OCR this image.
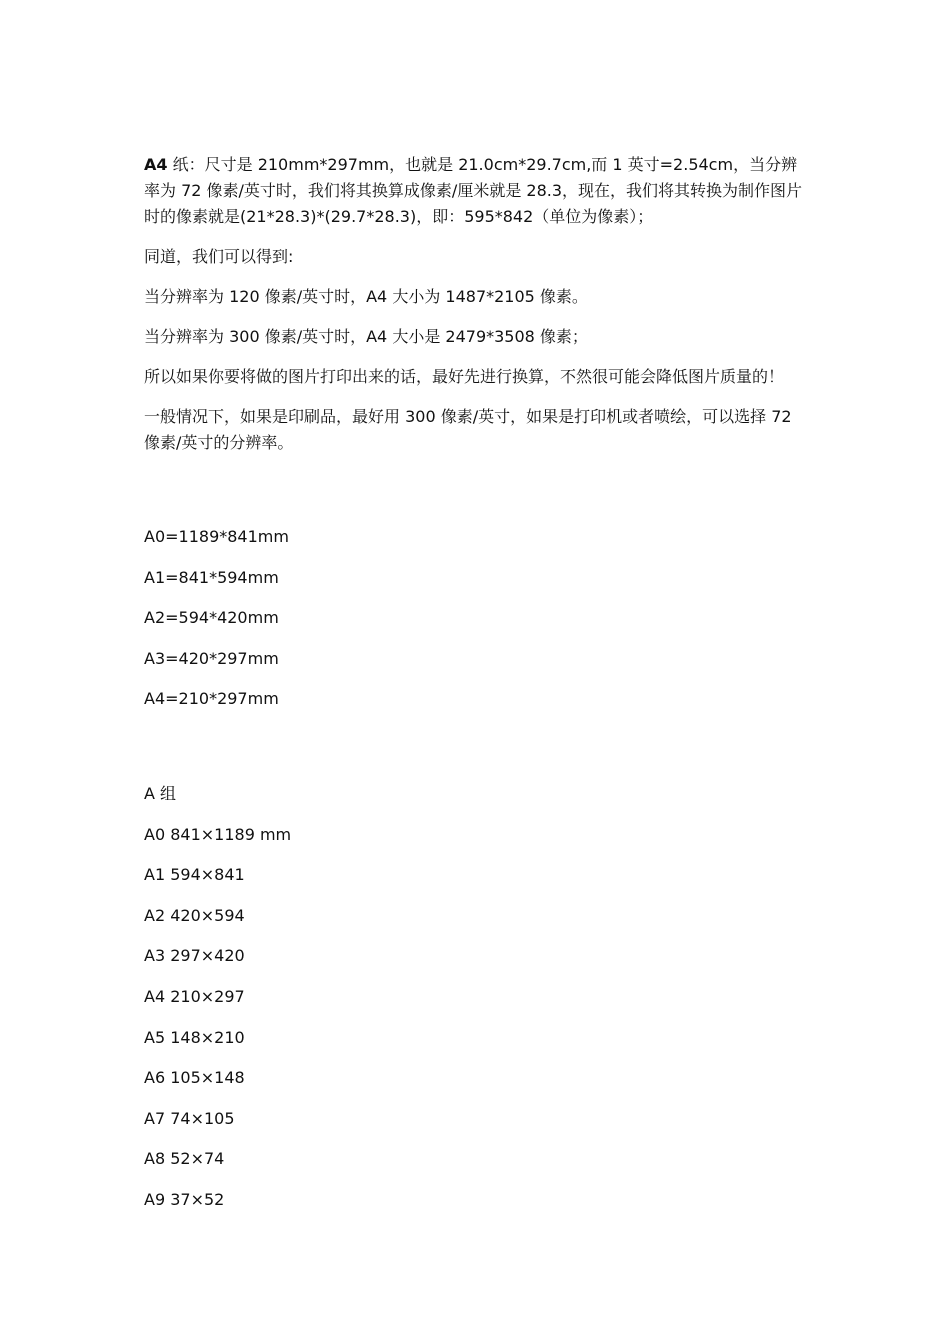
A4 纸：尺寸是 210mm*297mm，也就是 21.0cm*29.7cm,而 1 英寸=2.54cm，当分辨率为 72 像素/英寸时，我们将其换算成像素/厘米就是 28.3，现在，我们将其转换为制作图片时的像素就是(21*28.3)*(29.7*28.3)，即：595*842（单位为像素）；

同道，我们可以得到:

当分辨率为 120 像素/英寸时，A4 大小为 1487*2105 像素。

当分辨率为 300 像素/英寸时，A4 大小是 2479*3508 像素；

所以如果你要将做的图片打印出来的话，最好先进行换算，不然很可能会降低图片质量的！

一般情况下，如果是印刷品，最好用 300 像素/英寸，如果是打印机或者喷绘，可以选择 72 像素/英寸的分辨率。

A0=1189*841mm
A1=841*594mm
A2=594*420mm
A3=420*297mm
A4=210*297mm
A 组
A0 841×1189 mm
A1 594×841
A2 420×594
A3 297×420
A4 210×297
A5 148×210
A6 105×148
A7 74×105
A8 52×74
A9 37×52
